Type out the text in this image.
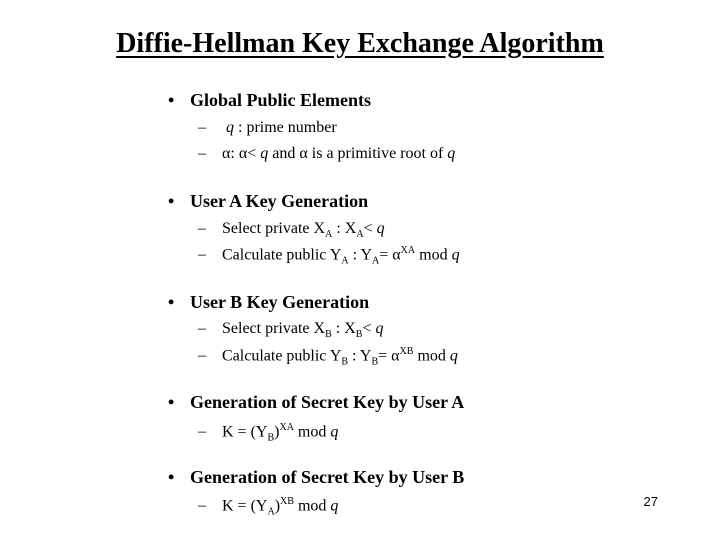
Diffie-Hellman Key Exchange Algorithm
• Global Public Elements
– q : prime number
– α: α< q and α is a primitive root of q
• User A Key Generation
– Select private $X_A$ : $X_A< q$
– Calculate public $Y_A$ : $Y_A= \alpha^{XA}$ mod q
• User B Key Generation
– Select private $X_B$ : $X_B< q$
– Calculate public $Y_B$ : $Y_B= \alpha^{XB}$ mod q
• Generation of Secret Key by User A
– $K = (Y_B)^{XA}$ mod q
• Generation of Secret Key by User B
– $K = (Y_A)^{XB}$ mod q	27
